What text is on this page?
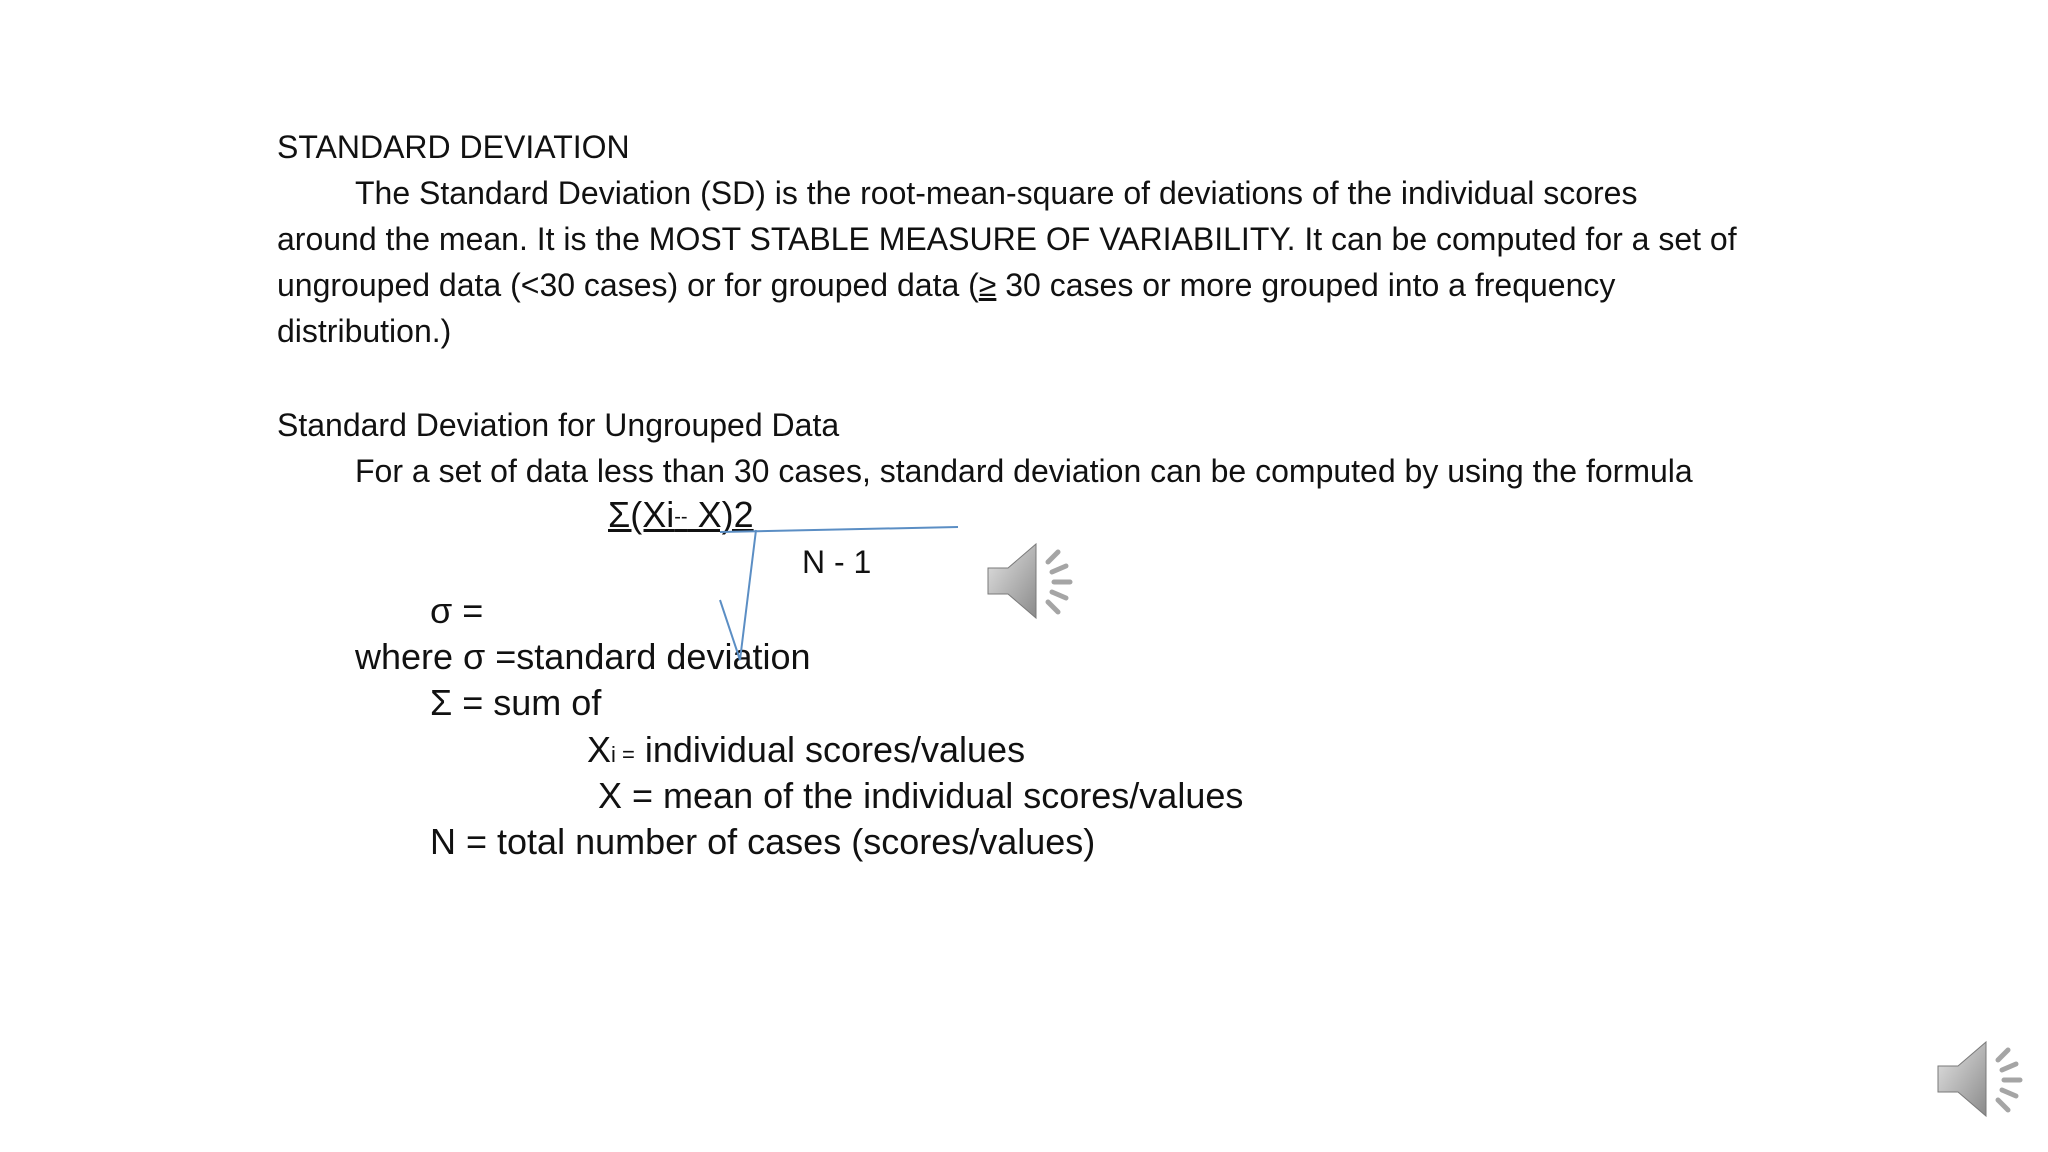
STANDARD DEVIATION
The Standard Deviation (SD) is the root-mean-square of deviations of the individual scores
around the mean. It is the MOST STABLE MEASURE OF VARIABILITY. It can be computed for a set of
ungrouped data (<30 cases) or for grouped data (≥ 30 cases or more grouped into a frequency
distribution.)
Standard Deviation for Ungrouped Data
For a set of data less than 30 cases, standard deviation can be computed by using the formula
Σ(Xi-- X)2
N - 1
σ =
where σ =standard deviation
Σ = sum of
Xi = individual scores/values
X = mean of the individual scores/values
N = total number of cases (scores/values)
